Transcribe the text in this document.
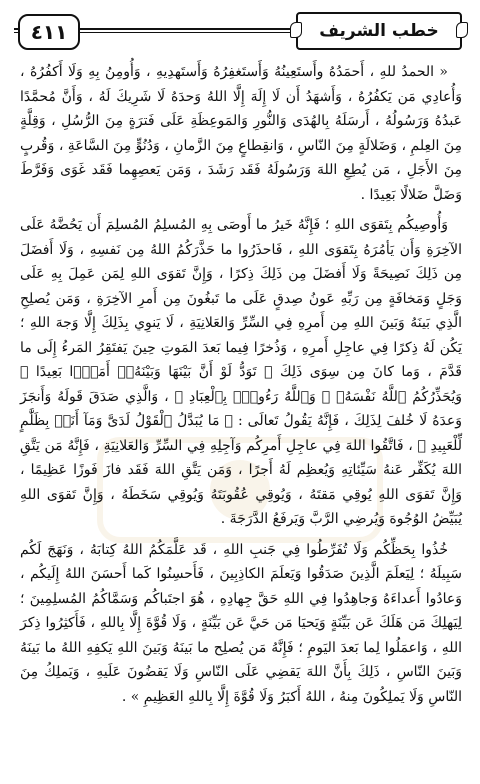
٤١١	خطب الشريف

« الحمدُ للهِ ، أَحمَدُهُ وأَستَعِينُهُ وَأَستَغفِرُهُ وَأَستَهدِيهِ ، وَأُومِنُ بِهِ وَلَا أَكفُرُهُ ، وَأُعادِي مَن يَكفُرُهُ ، وَأَشهَدُ أَن لَا إِلَهَ إِلَّا اللهُ وَحدَهُ لَا شَرِيكَ لَهُ ، وَأَنَّ مُحمَّدًا عَبدُهُ وَرَسُولُهُ ، أَرسَلَهُ بِالهُدَى وَالنُّورِ وَالمَوعِظَةِ عَلَى فَترَةٍ مِنَ الرُّسُلِ ، وَقِلَّةٍ مِنَ العِلمِ ، وَضَلالَةٍ مِنَ النّاسِ ، وَانقِطاعٍ مِنَ الزَّمانِ ، وَدُنُوٍّ مِنَ السَّاعَةِ ، وَقُربٍ مِنَ الأَجَلِ ، مَن يُطِعِ اللهَ وَرَسُولَهُ فَقَد رَشَدَ ، وَمَن يَعصِهِما فَقَد غَوَى وَفَرَّطَ وَضَلَّ ضَلالًا بَعِيدًا .

وَأُوصِيكُم بِتَقوَى اللهِ ؛ فَإِنَّهُ خَيرُ ما أَوصَى بِهِ المُسلِمُ المُسلِمَ أَن يَحُضَّهُ عَلَى الآخِرَةِ وَأَن يَأمُرَهُ بِتَقوَى اللهِ ، فَاحذَرُوا ما حَذَّرَكُمُ اللهُ مِن نَفسِهِ ، وَلَا أَفضَلَ مِن ذَلِكَ نَصِيحَةً وَلَا أَفضَلَ مِن ذَلِكَ ذِكرًا ، وَإِنَّ تَقوَى اللهِ لِمَن عَمِلَ بِهِ عَلَى وَجَلٍ وَمَخافَةٍ مِن رَبِّهِ عَونُ صِدقٍ عَلَى ما تَبغُونَ مِن أَمرِ الآخِرَةِ ، وَمَن يُصلِحِ الَّذِي بَينَهُ وَبَينَ اللهِ مِن أَمرِهِ فِي السِّرِّ وَالعَلانِيَةِ ، لَا يَنوِي بِذَلِكَ إِلَّا وَجهَ اللهِ ؛ يَكُن لَهُ ذِكرًا فِي عاجِلِ أَمرِهِ ، وَذُخرًا فِيما بَعدَ المَوتِ حِينَ يَفتَقِرُ المَرءُ إِلَى ما قَدَّمَ ، وَما كانَ مِن سِوَى ذَلِكَ ﴿ تَوَدُّ لَوْ أَنَّ بَيْنَهَا وَبَيْنَهُۥٓ أَمَدًۢا بَعِيدًا ۗ وَيُحَذِّرُكُمُ ٱللَّهُ نَفْسَهُۥ ۗ وَٱللَّهُ رَءُوفٌۢ بِٱلْعِبَادِ ﴾ ، وَالَّذِي صَدَقَ قَولَهُ وَأَنجَزَ وَعدَهُ لَا خُلفَ لِذَلِكَ ، فَإِنَّهُ يَقُولُ تَعالَى : ﴿ مَا يُبَدَّلُ ٱلْقَوْلُ لَدَىَّ وَمَآ أَنَا۠ بِظَلَّٰمٍ لِّلْعَبِيدِ ﴾ ، فَاتَّقُوا اللهَ فِي عاجِلِ أَمرِكُم وَآجِلِهِ فِي السِّرِّ وَالعَلانِيَةِ ، فَإِنَّهُ مَن يَتَّقِ اللهَ يُكَفِّر عَنهُ سَيِّئاتِهِ وَيُعظِم لَهُ أَجرًا ، وَمَن يَتَّقِ اللهَ فَقَد فازَ فَوزًا عَظِيمًا ، وَإِنَّ تَقوَى اللهِ يُوقِي مَقتَهُ ، وَيُوقِي عُقُوبَتَهُ وَيُوقِي سَخَطَهُ ، وَإِنَّ تَقوَى اللهِ يُبَيِّضُ الوُجُوهَ وَيُرضِي الرَّبَّ وَيَرفَعُ الدَّرَجَةَ .

خُذُوا بِحَظِّكُم وَلَا تُفَرِّطُوا فِي جَنبِ اللهِ ، قَد عَلَّمَكُمُ اللهُ كِتابَهُ ، وَنَهَجَ لَكُم سَبِيلَهُ ؛ لِيَعلَمَ الَّذِينَ صَدَقُوا وَيَعلَمَ الكاذِبِينَ ، فَأَحسِنُوا كَما أَحسَنَ اللهُ إِلَيكُم ، وَعادُوا أَعداءَهُ وَجاهِدُوا فِي اللهِ حَقَّ جِهادِهِ ، هُوَ اجتَباكُم وَسَمَّاكُمُ المُسلِمِينَ ؛ لِيَهلِكَ مَن هَلَكَ عَن بَيِّنَةٍ وَيَحيَا مَن حَيَّ عَن بَيِّنَةٍ ، وَلَا قُوَّةَ إِلَّا بِاللهِ ، فَأَكثِرُوا ذِكرَ اللهِ ، وَاعمَلُوا لِما بَعدَ اليَومِ ؛ فَإِنَّهُ مَن يُصلِح ما بَينَهُ وَبَينَ اللهِ يَكفِهِ اللهُ ما بَينَهُ وَبَينَ النّاسِ ، ذَلِكَ بِأَنَّ اللهَ يَقضِي عَلَى النّاسِ وَلَا يَقضُونَ عَلَيهِ ، وَيَملِكُ مِنَ النّاسِ وَلَا يَملِكُونَ مِنهُ ، اللهُ أَكبَرُ وَلَا قُوَّةَ إِلَّا بِاللهِ العَظِيمِ » .
